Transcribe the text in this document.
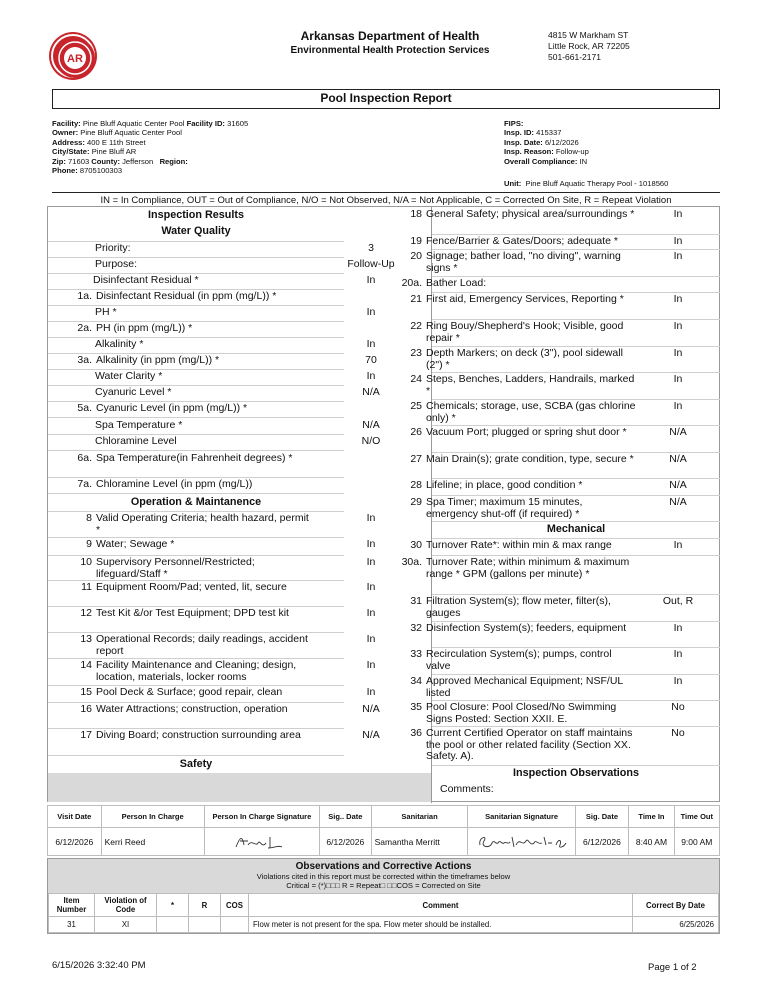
AR
Arkansas Department of Health
Environmental Health Protection Services
4815 W Markham ST
Little Rock, AR 72205
501-661-2171
Pool Inspection Report
Facility: Pine Bluff Aquatic Center Pool Facility ID: 31605
Owner: Pine Bluff Aquatic Center Pool
Address: 400 E 11th Street
City/State: Pine Bluff AR
Zip: 71603 County: Jefferson Region:
Phone: 8705100303
FIPS:
Insp. ID: 415337
Insp. Date: 6/12/2026
Insp. Reason: Follow-up
Overall Compliance: IN
Unit: Pine Bluff Aquatic Therapy Pool - 1018560
IN = In Compliance, OUT = Out of Compliance, N/O = Not Observed, N/A = Not Applicable, C = Corrected On Site, R = Repeat Violation
Inspection Results
Water Quality
Priority:	3
Purpose:	Follow-Up
Disinfectant Residual *	In
1a. Disinfectant Residual (in ppm (mg/L)) *
PH *	In
2a. PH (in ppm (mg/L)) *
Alkalinity *	In
3a. Alkalinity (in ppm (mg/L)) *	70
Water Clarity *	In
Cyanuric Level *	N/A
5a. Cyanuric Level (in ppm (mg/L)) *
Spa Temperature *	N/A
Chloramine Level	N/O
6a. Spa Temperature(in Fahrenheit degrees) *
7a. Chloramine Level (in ppm (mg/L))
Operation & Maintanence
8 Valid Operating Criteria; health hazard, permit *
In
9 Water; Sewage *	In
10 Supervisory Personnel/Restricted; lifeguard/Staff *
In
11 Equipment Room/Pad; vented, lit, secure	In
12 Test Kit &/or Test Equipment; DPD test kit	In
13 Operational Records; daily readings, accident report
In
14 Facility Maintenance and Cleaning; design, location, materials, locker rooms
In
15 Pool Deck & Surface; good repair, clean	In
16 Water Attractions; construction, operation	N/A
17 Diving Board; construction surrounding area	N/A
Safety
18 General Safety; physical area/surroundings *	In
19 Fence/Barrier & Gates/Doors; adequate *	In
20 Signage; bather load, "no diving", warning signs *
In
20a. Bather Load:
21 First aid, Emergency Services, Reporting *	In
22 Ring Bouy/Shepherd's Hook; Visible, good repair *
In
23 Depth Markers; on deck (3"), pool sidewall (2") *
In
24 Steps, Benches, Ladders, Handrails, marked *
In
25 Chemicals; storage, use, SCBA (gas chlorine only) *
In
26 Vacuum Port; plugged or spring shut door *	N/A
27 Main Drain(s); grate condition, type, secure *	N/A
28 Lifeline; in place, good condition *	N/A
29 Spa Timer; maximum 15 minutes, emergency shut-off (if required) *
N/A
Mechanical
30 Turnover Rate*: within min & max range	In
30a. Turnover Rate; within minimum & maximum range * GPM (gallons per minute) *
31 Filtration System(s); flow meter, filter(s), gauges
Out, R
32 Disinfection System(s); feeders, equipment	In
33 Recirculation System(s); pumps, control valve
In
34 Approved Mechanical Equipment; NSF/UL listed
In
35 Pool Closure: Pool Closed/No Swimming Signs Posted: Section XXII. E.
No
36 Current Certified Operator on staff maintains the pool or other related facility (Section XX. Safety. A).
No
Inspection Observations
Comments:
Visit Date	Person In Charge	Person In Charge Signature	Sig.. Date	Sanitarian	Sanitarian Signature	Sig. Date	Time In	Time Out
6/12/2026	Kerri Reed		6/12/2026	Samantha Merritt		6/12/2026	8:40 AM	9:00 AM
Observations and Corrective Actions
Violations cited in this report must be corrected within the timeframes below
Critical = (*)□□□ R = Repeat□ □□COS = Corrected on Site
Item Number	Violation of Code	*	R	COS	Comment	Correct By Date
31	XI				Flow meter is not present for the spa. Flow meter should be installed.	6/25/2026
6/15/2026 3:32:40 PM	Page 1 of 2
